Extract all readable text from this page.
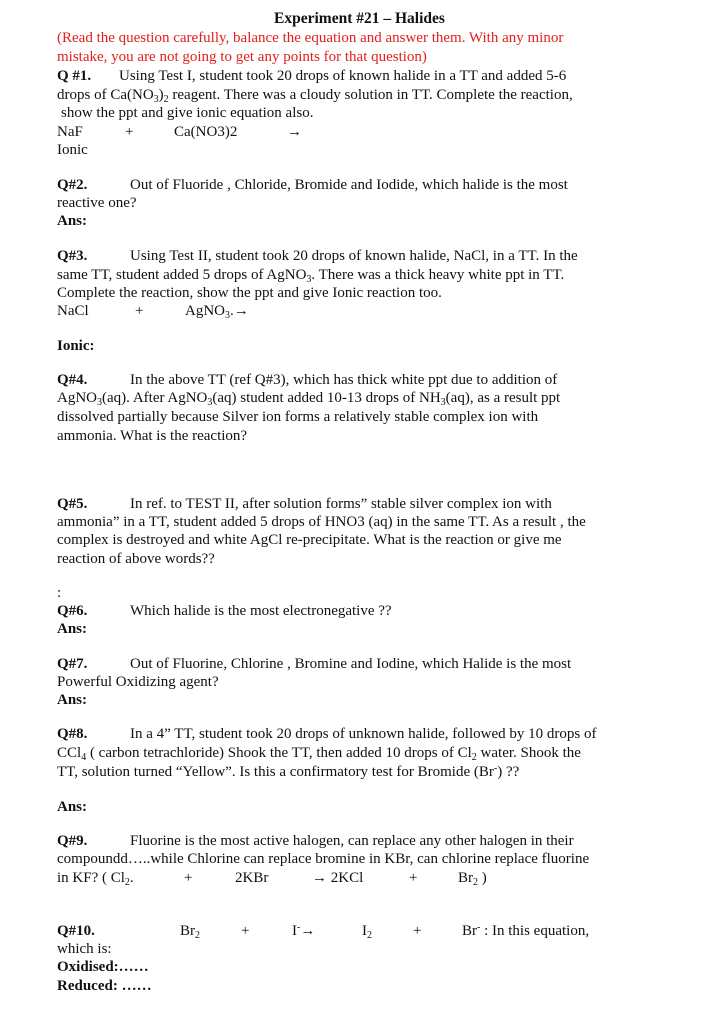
Experiment #21 – Halides
(Read the question carefully, balance the equation and answer them. With any minor
mistake, you are not going to get any points for that question)
Q #1. Using Test I, student took 20 drops of known halide in a TT and added 5-6
drops of $Ca(NO_3)_2$ reagent. There was a cloudy solution in TT. Complete the reaction,
show the ppt and give ionic equation also.
NaF	+	Ca(NO3)2	→
Ionic
Q#2.	Out of Fluoride , Chloride, Bromide and Iodide, which halide is the most
reactive one?
Ans:
Q#3.	Using Test II, student took 20 drops of known halide, NaCl, in a TT. In the
same TT, student added 5 drops of AgNO$_3$. There was a thick heavy white ppt in TT.
Complete the reaction, show the ppt and give Ionic reaction too.
NaCl	+	AgNO$_3$.→
Ionic:
Q#4.	In the above TT (ref Q#3), which has thick white ppt due to addition of
AgNO$_3$(aq). After AgNO$_3$(aq) student added 10-13 drops of $NH_3(aq)$, as a result ppt
dissolved partially because Silver ion forms a relatively stable complex ion with
ammonia. What is the reaction?
Q#5.	In ref. to TEST II, after solution forms” stable silver complex ion with
ammonia” in a TT, student added 5 drops of HNO3 (aq) in the same TT. As a result , the
complex is destroyed and white AgCl re-precipitate. What is the reaction or give me
reaction of above words??
:
Q#6.	Which halide is the most electronegative ??
Ans:
Q#7.	Out of Fluorine, Chlorine , Bromine and Iodine, which Halide is the most
Powerful Oxidizing agent?
Ans:
Q#8.	In a 4” TT, student took 20 drops of unknown halide, followed by 10 drops of
CCl$_4$ ( carbon tetrachloride) Shook the TT, then added 10 drops of $Cl_2$ water. Shook the
TT, solution turned “Yellow”. Is this a confirmatory test for Bromide (Br-) ??
Ans:
Q#9.	Fluorine is the most active halogen, can replace any other halogen in their
compoundd…..while Chlorine can replace bromine in KBr, can chlorine replace fluorine
in KF? ( $Cl_2$.	+	2KBr	→ 2KCl	+	$Br_2$ )
Q#10.	$Br_2$	+	I-→	$I_2$	+	Br- : In this equation,
which is:
Oxidised:……
Reduced: ……
